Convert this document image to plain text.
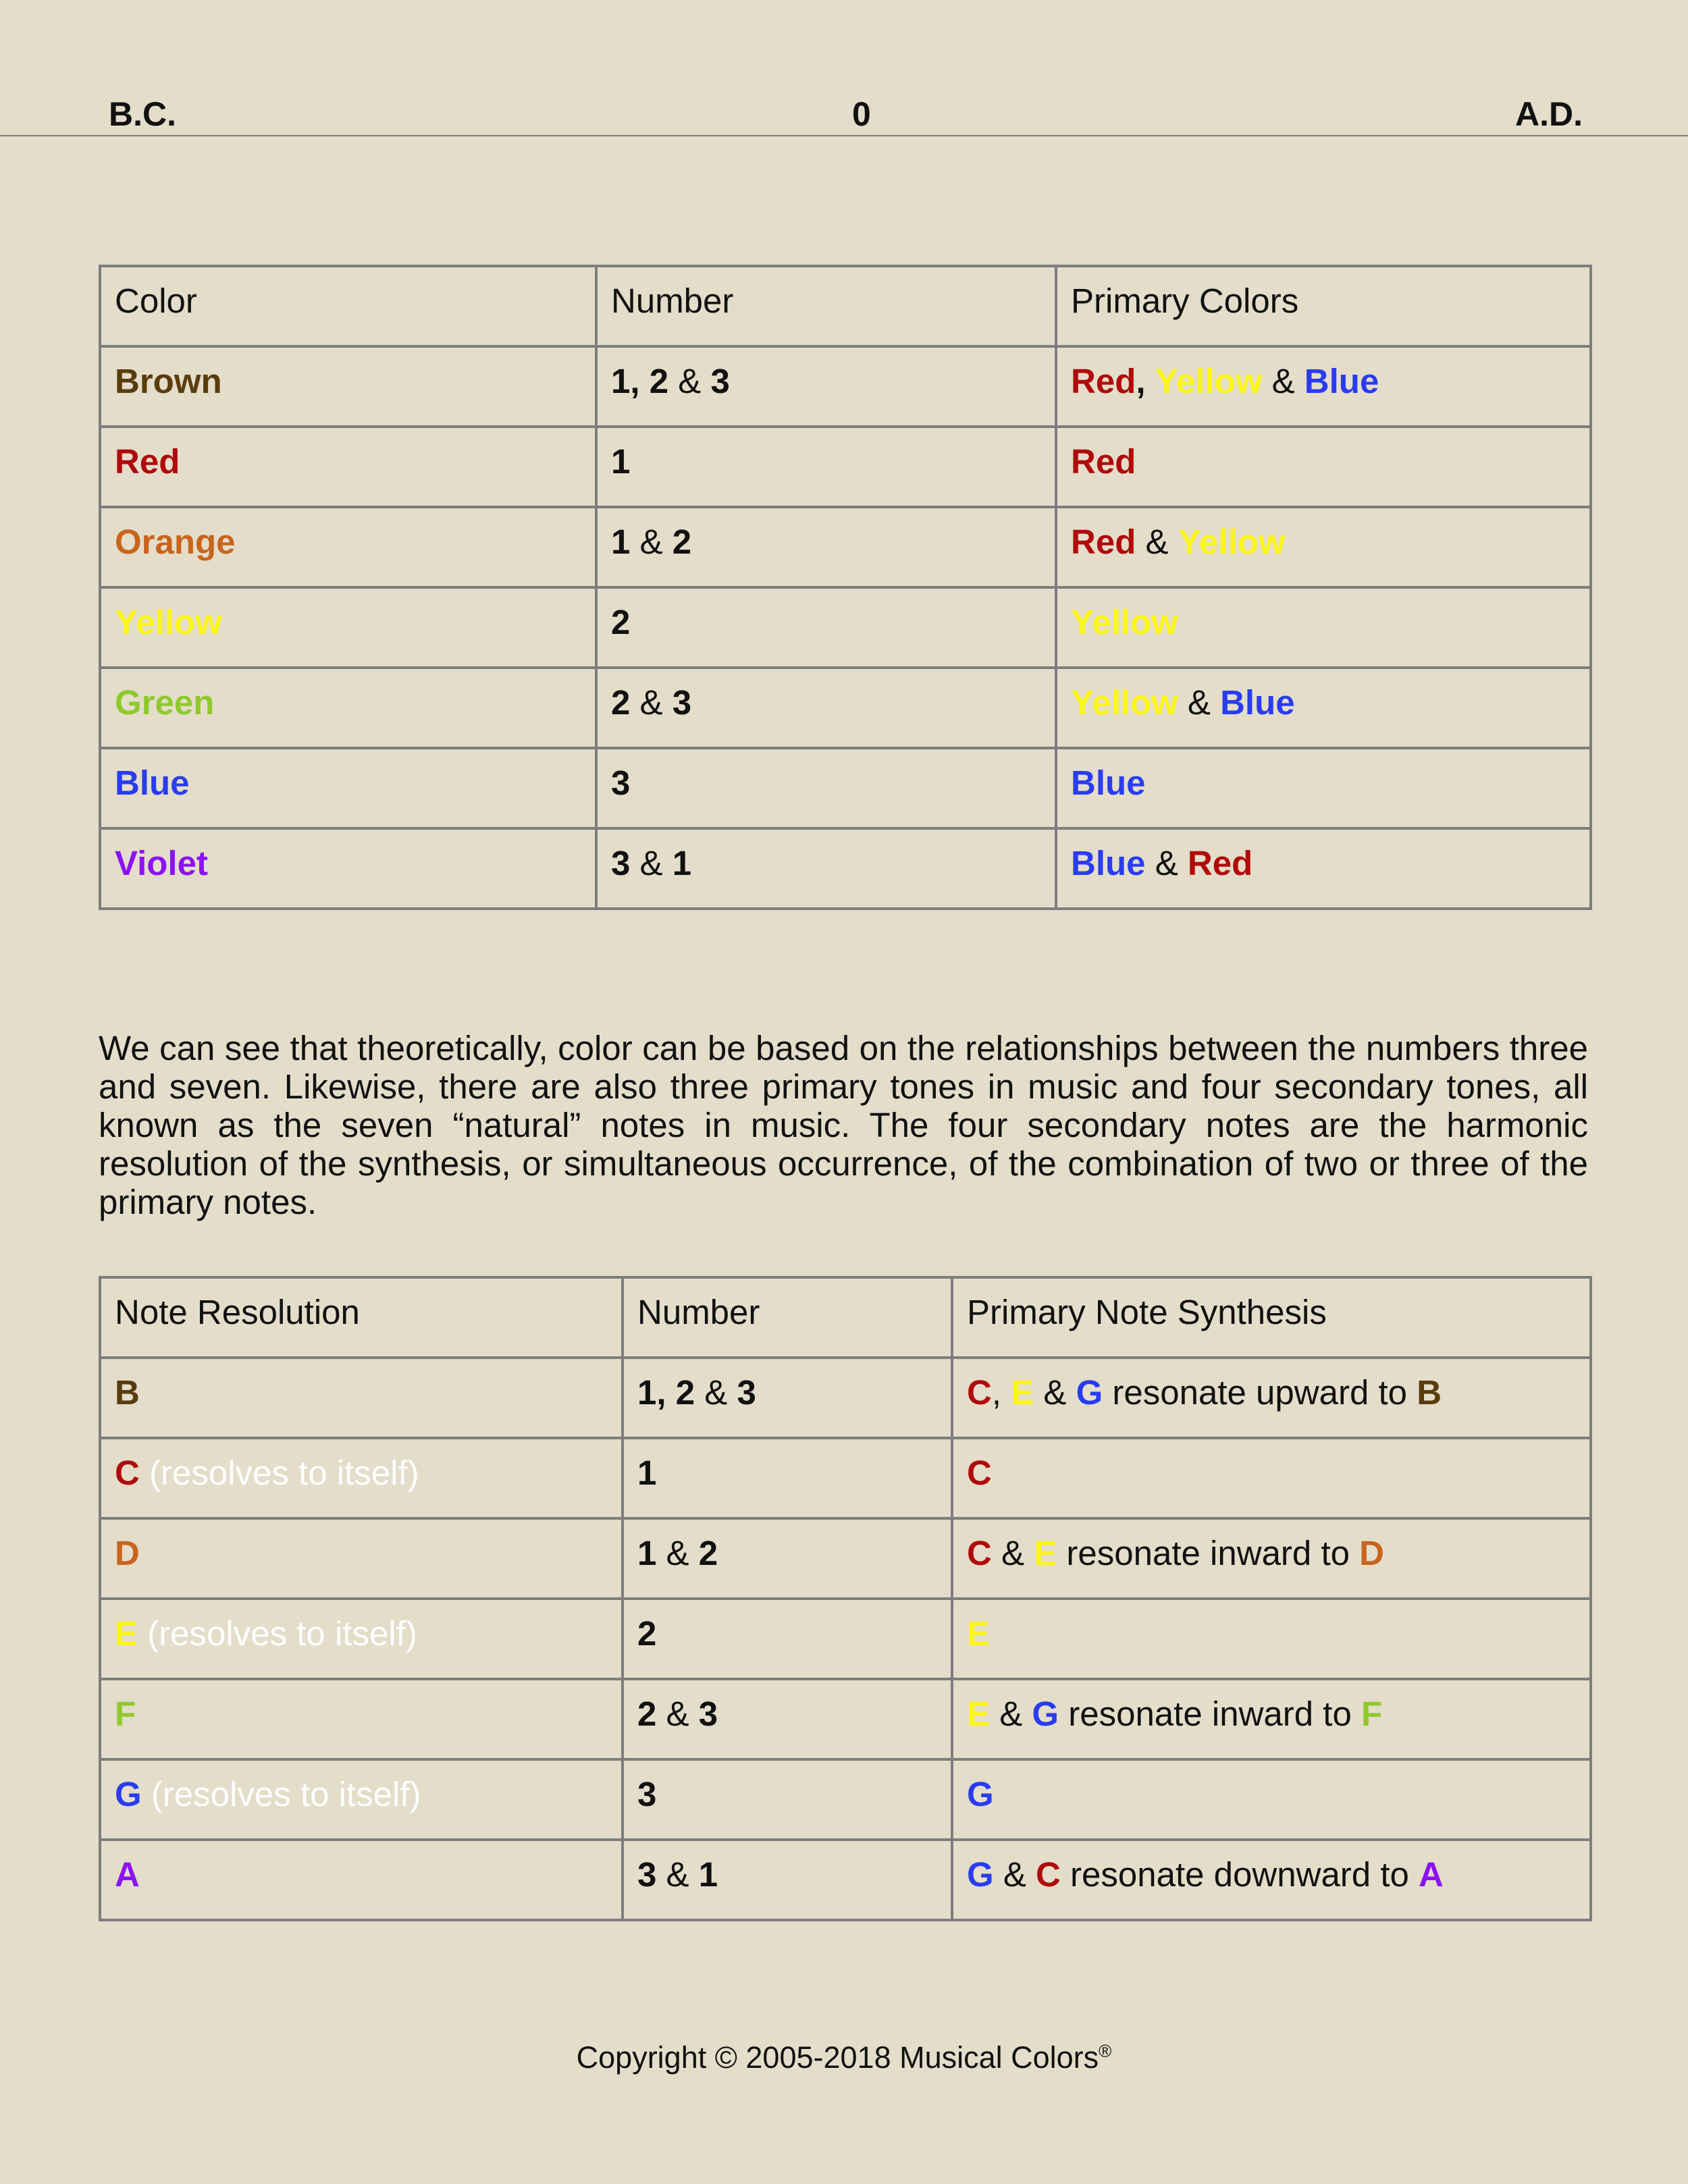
B.C.	0	A.D.
Color	Number	Primary Colors
Brown	1, 2 & 3	Red, Yellow & Blue
Red	1	Red
Orange	1 & 2	Red & Yellow
Yellow	2	Yellow
Green	2 & 3	Yellow & Blue
Blue	3	Blue
Violet	3 & 1	Blue & Red

We can see that theoretically, color can be based on the relationships between the numbers three and seven. Likewise, there are also three primary tones in music and four secondary tones, all known as the seven “natural” notes in music. The four secondary notes are the harmonic resolution of the synthesis, or simultaneous occurrence, of the combination of two or three of the primary notes.

Note Resolution	Number	Primary Note Synthesis
B	1, 2 & 3	C, E & G resonate upward to B
C (resolves to itself)	1	C
D	1 & 2	C & E resonate inward to D
E (resolves to itself)	2	E
F	2 & 3	E & G resonate inward to F
G (resolves to itself)	3	G
A	3 & 1	G & C resonate downward to A
Copyright © 2005-2018 Musical Colors®
